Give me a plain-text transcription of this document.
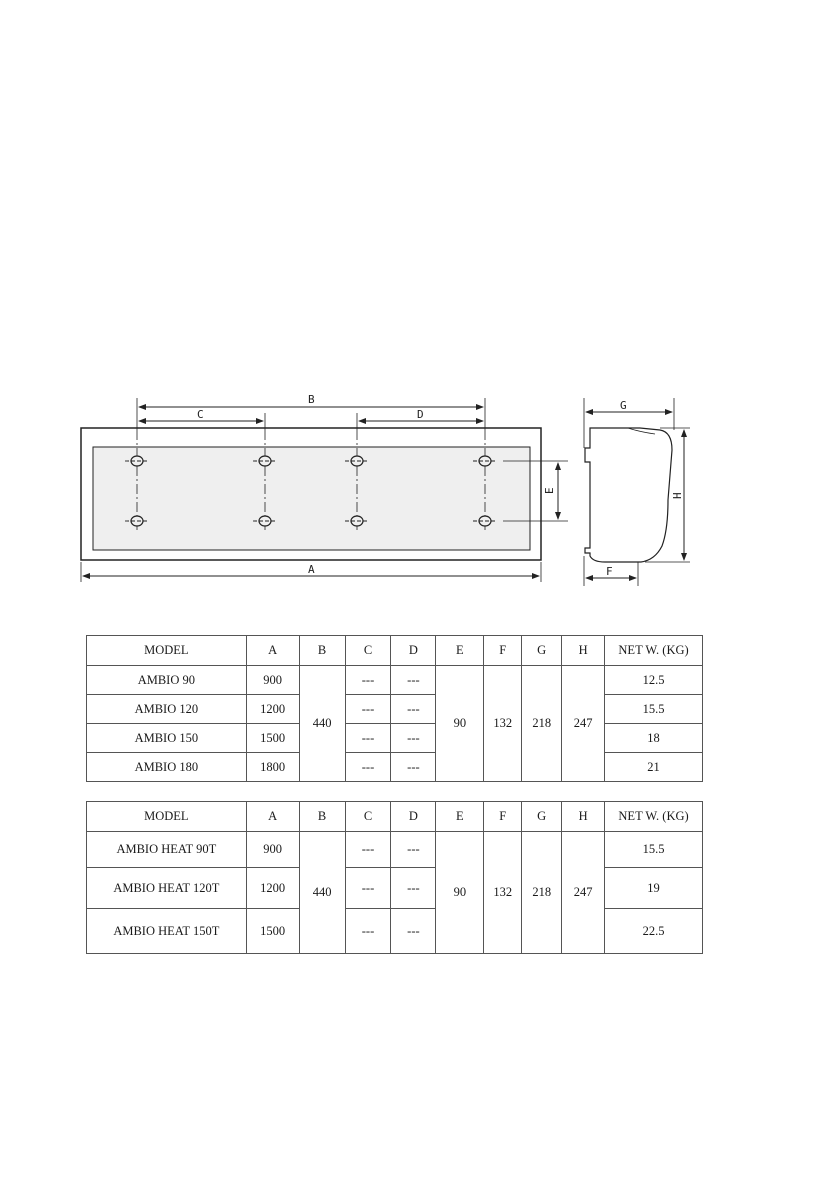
B
C	D
E
A
G
H
F
MODEL	A	B	C	D	E	F	G	H	NET W. (KG)
AMBIO 90	900	440	---	---	90	132	218	247	12.5
AMBIO 120	1200		---	---					15.5
AMBIO 150	1500		---	---					18
AMBIO 180	1800		---	---					21
MODEL	A	B	C	D	E	F	G	H	NET W. (KG)
AMBIO HEAT 90T	900	440	---	---	90	132	218	247	15.5
AMBIO HEAT 120T	1200		---	---					19
AMBIO HEAT 150T	1500		---	---					22.5
